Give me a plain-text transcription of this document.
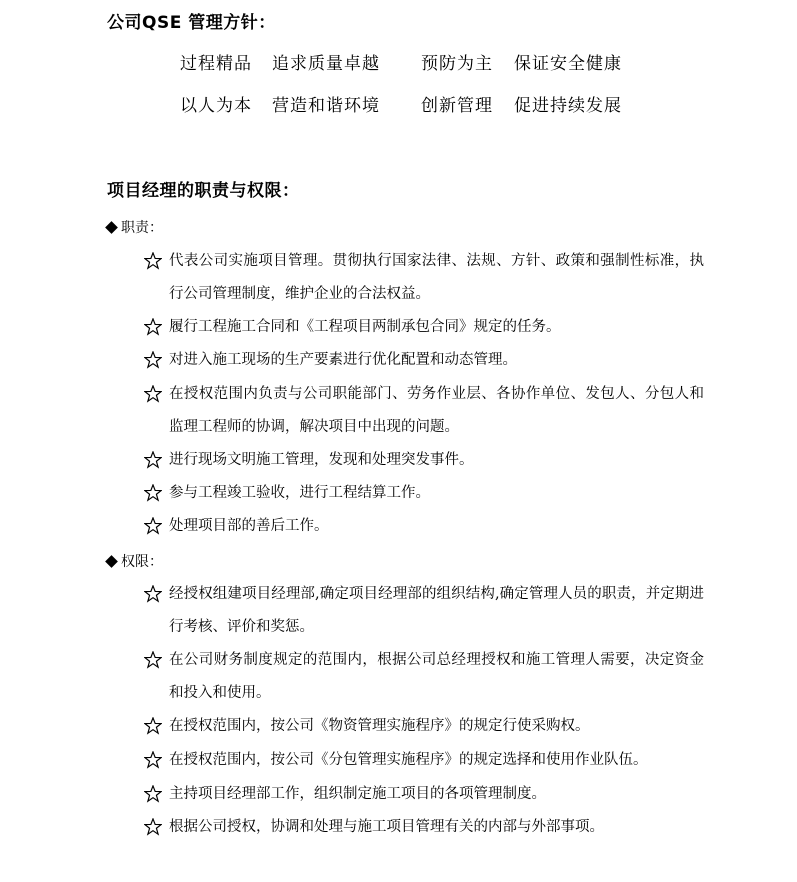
公司QSE 管理方针：
过程精品 追求质量卓越 预防为主 保证安全健康
以人为本 营造和谐环境 创新管理 促进持续发展
项目经理的职责与权限：
职责：
代表公司实施项目管理。贯彻执行国家法律、法规、方针、政策和强制性标准，执行公司管理制度，维护企业的合法权益。
履行工程施工合同和《工程项目两制承包合同》规定的任务。
对进入施工现场的生产要素进行优化配置和动态管理。
在授权范围内负责与公司职能部门、劳务作业层、各协作单位、发包人、分包人和监理工程师的协调，解决项目中出现的问题。
进行现场文明施工管理，发现和处理突发事件。
参与工程竣工验收，进行工程结算工作。
处理项目部的善后工作。
权限：
经授权组建项目经理部,确定项目经理部的组织结构,确定管理人员的职责，并定期进行考核、评价和奖惩。
在公司财务制度规定的范围内，根据公司总经理授权和施工管理人需要，决定资金和投入和使用。
在授权范围内，按公司《物资管理实施程序》的规定行使采购权。
在授权范围内，按公司《分包管理实施程序》的规定选择和使用作业队伍。
主持项目经理部工作，组织制定施工项目的各项管理制度。
根据公司授权，协调和处理与施工项目管理有关的内部与外部事项。
